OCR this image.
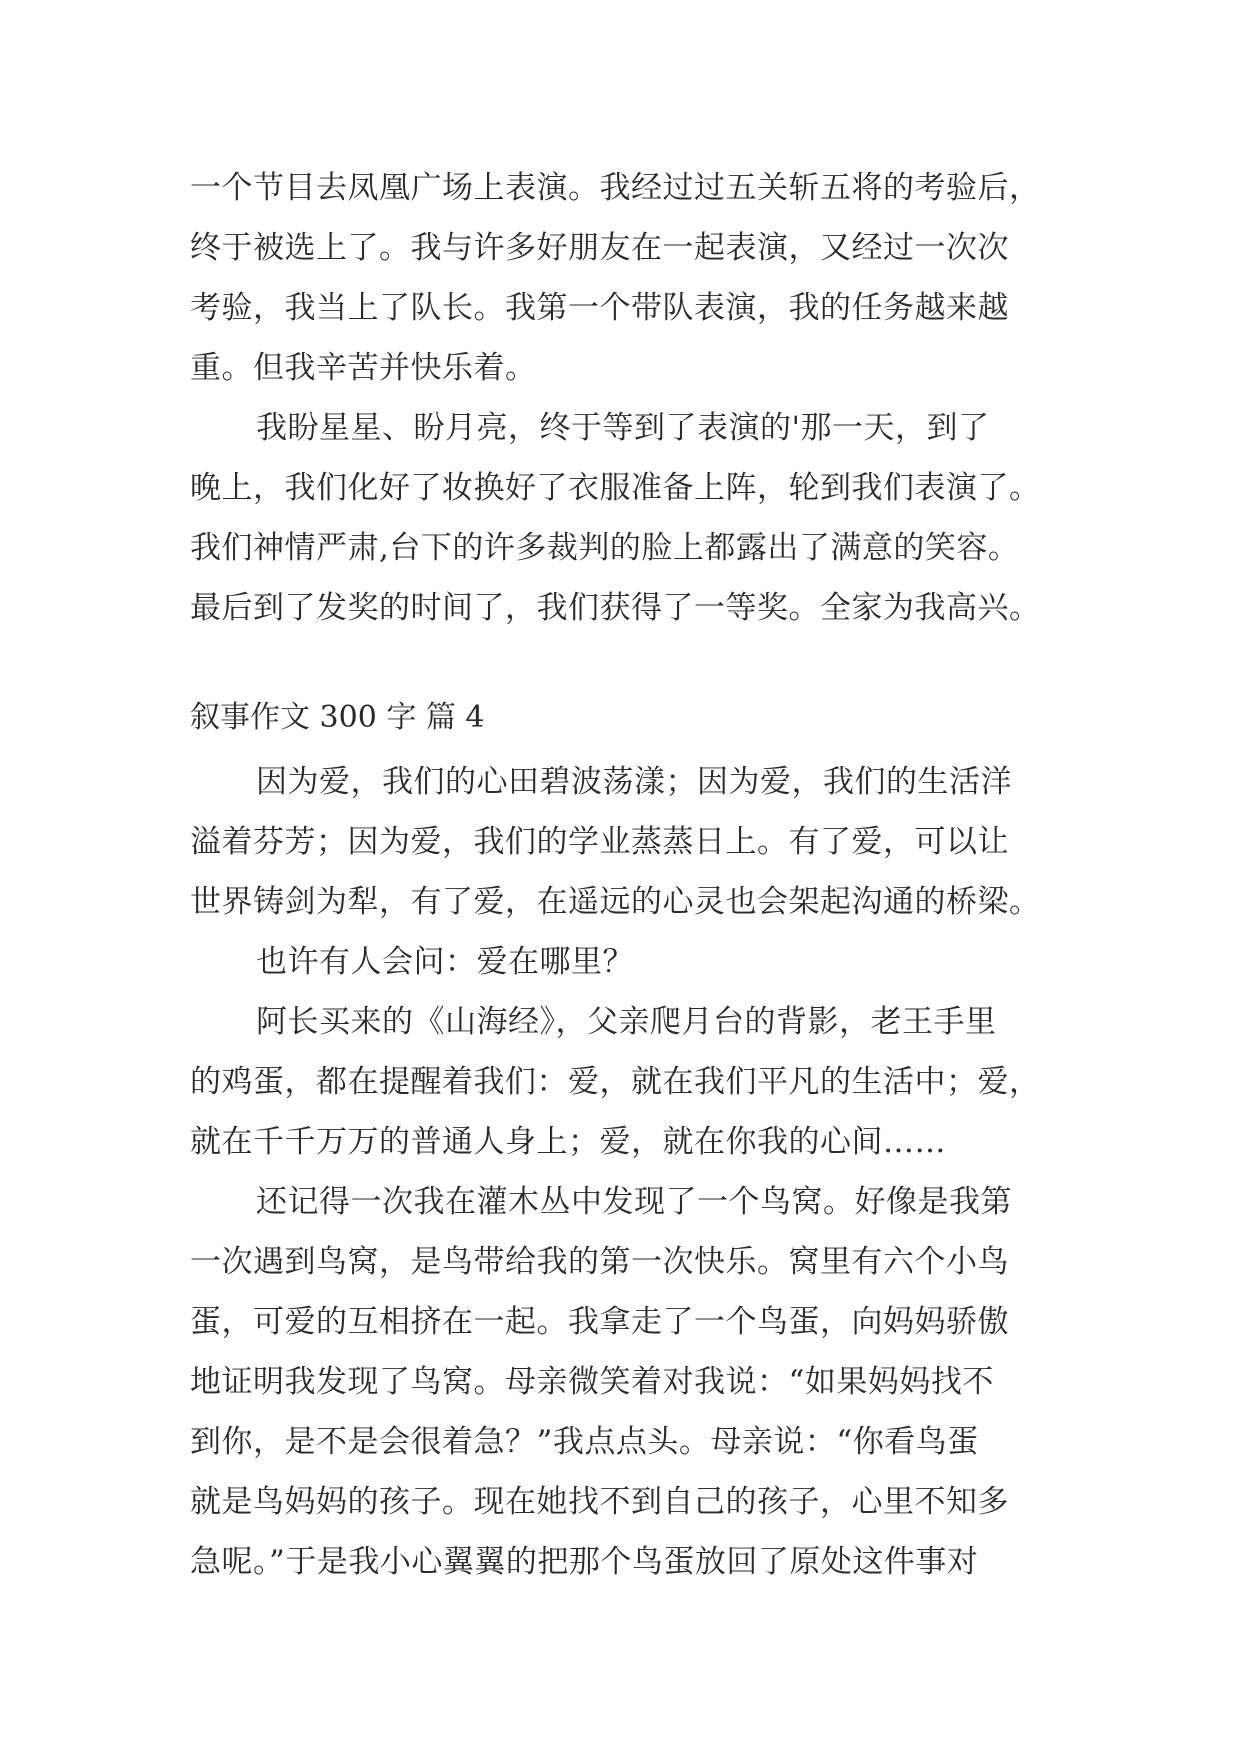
一个节目去凤凰广场上表演。我经过过五关斩五将的考验后，
终于被选上了。我与许多好朋友在一起表演，又经过一次次
考验，我当上了队长。我第一个带队表演，我的任务越来越
重。但我辛苦并快乐着。
我盼星星、盼月亮，终于等到了表演的'那一天，到了
晚上，我们化好了妆换好了衣服准备上阵，轮到我们表演了。
我们神情严肃,台下的许多裁判的脸上都露出了满意的笑容。
最后到了发奖的时间了，我们获得了一等奖。全家为我高兴。
叙事作文 300 字 篇 4
因为爱，我们的心田碧波荡漾；因为爱，我们的生活洋
溢着芬芳；因为爱，我们的学业蒸蒸日上。有了爱，可以让
世界铸剑为犁，有了爱，在遥远的心灵也会架起沟通的桥梁。
也许有人会问：爱在哪里？
阿长买来的《山海经》，父亲爬月台的背影，老王手里
的鸡蛋，都在提醒着我们：爱，就在我们平凡的生活中；爱，
就在千千万万的普通人身上；爱，就在你我的心间……
还记得一次我在灌木丛中发现了一个鸟窝。好像是我第
一次遇到鸟窝，是鸟带给我的第一次快乐。窝里有六个小鸟
蛋，可爱的互相挤在一起。我拿走了一个鸟蛋，向妈妈骄傲
地证明我发现了鸟窝。母亲微笑着对我说：“如果妈妈找不
到你，是不是会很着急？”我点点头。母亲说：“你看鸟蛋
就是鸟妈妈的孩子。现在她找不到自己的孩子，心里不知多
急呢。”于是我小心翼翼的把那个鸟蛋放回了原处这件事对
